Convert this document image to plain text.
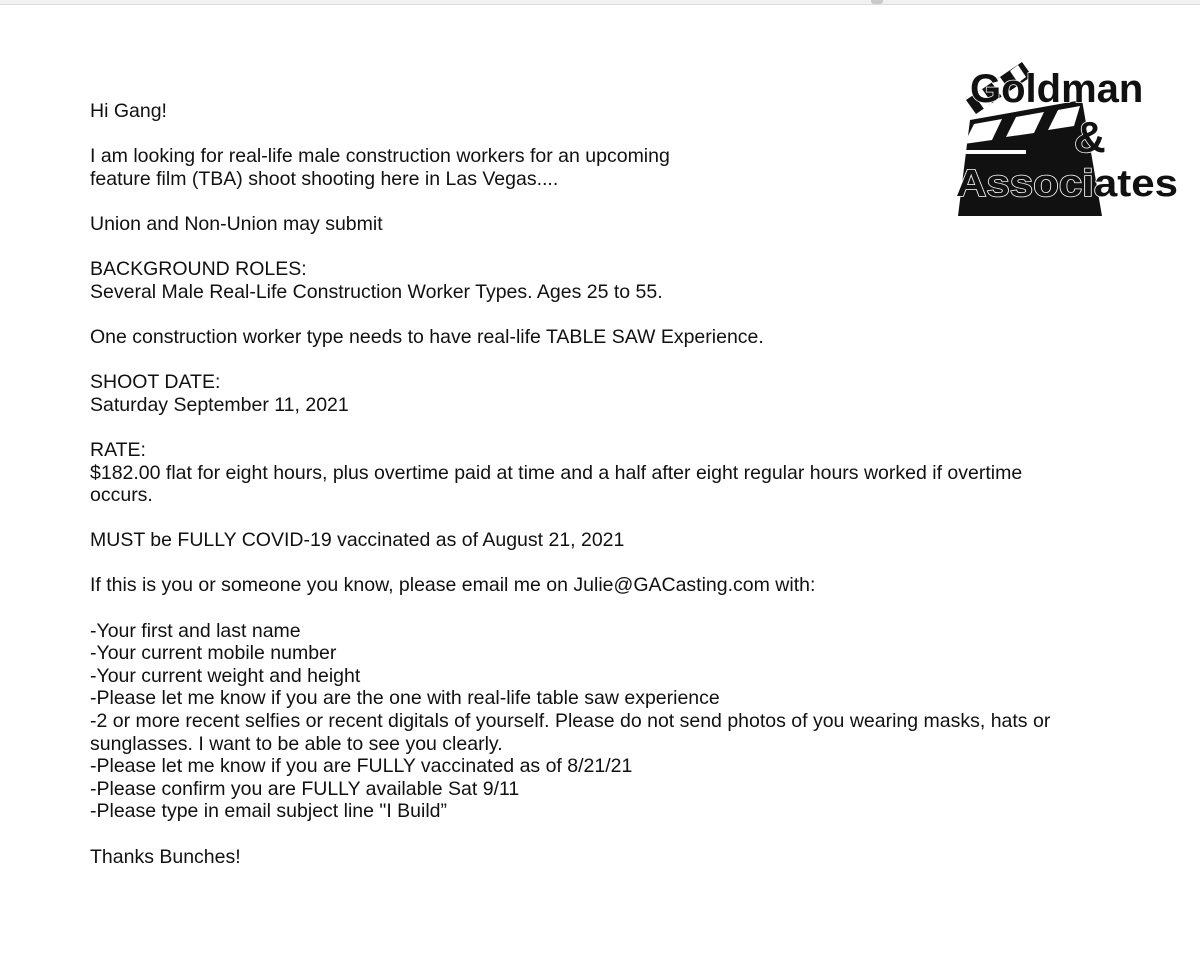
Goldman
&
Associates
Hi Gang!
I am looking for real-life male construction workers for an upcoming
feature film (TBA) shoot shooting here in Las Vegas....
Union and Non-Union may submit
BACKGROUND ROLES:
Several Male Real-Life Construction Worker Types. Ages 25 to 55.
One construction worker type needs to have real-life TABLE SAW Experience.
SHOOT DATE:
Saturday September 11, 2021
RATE:
$182.00 flat for eight hours, plus overtime paid at time and a half after eight regular hours worked if overtime
occurs.
MUST be FULLY COVID-19 vaccinated as of August 21, 2021
If this is you or someone you know, please email me on Julie@GACasting.com with:
-Your first and last name
-Your current mobile number
-Your current weight and height
-Please let me know if you are the one with real-life table saw experience
-2 or more recent selfies or recent digitals of yourself. Please do not send photos of you wearing masks, hats or
sunglasses. I want to be able to see you clearly.
-Please let me know if you are FULLY vaccinated as of 8/21/21
-Please confirm you are FULLY available Sat 9/11
-Please type in email subject line "I Build”
Thanks Bunches!
